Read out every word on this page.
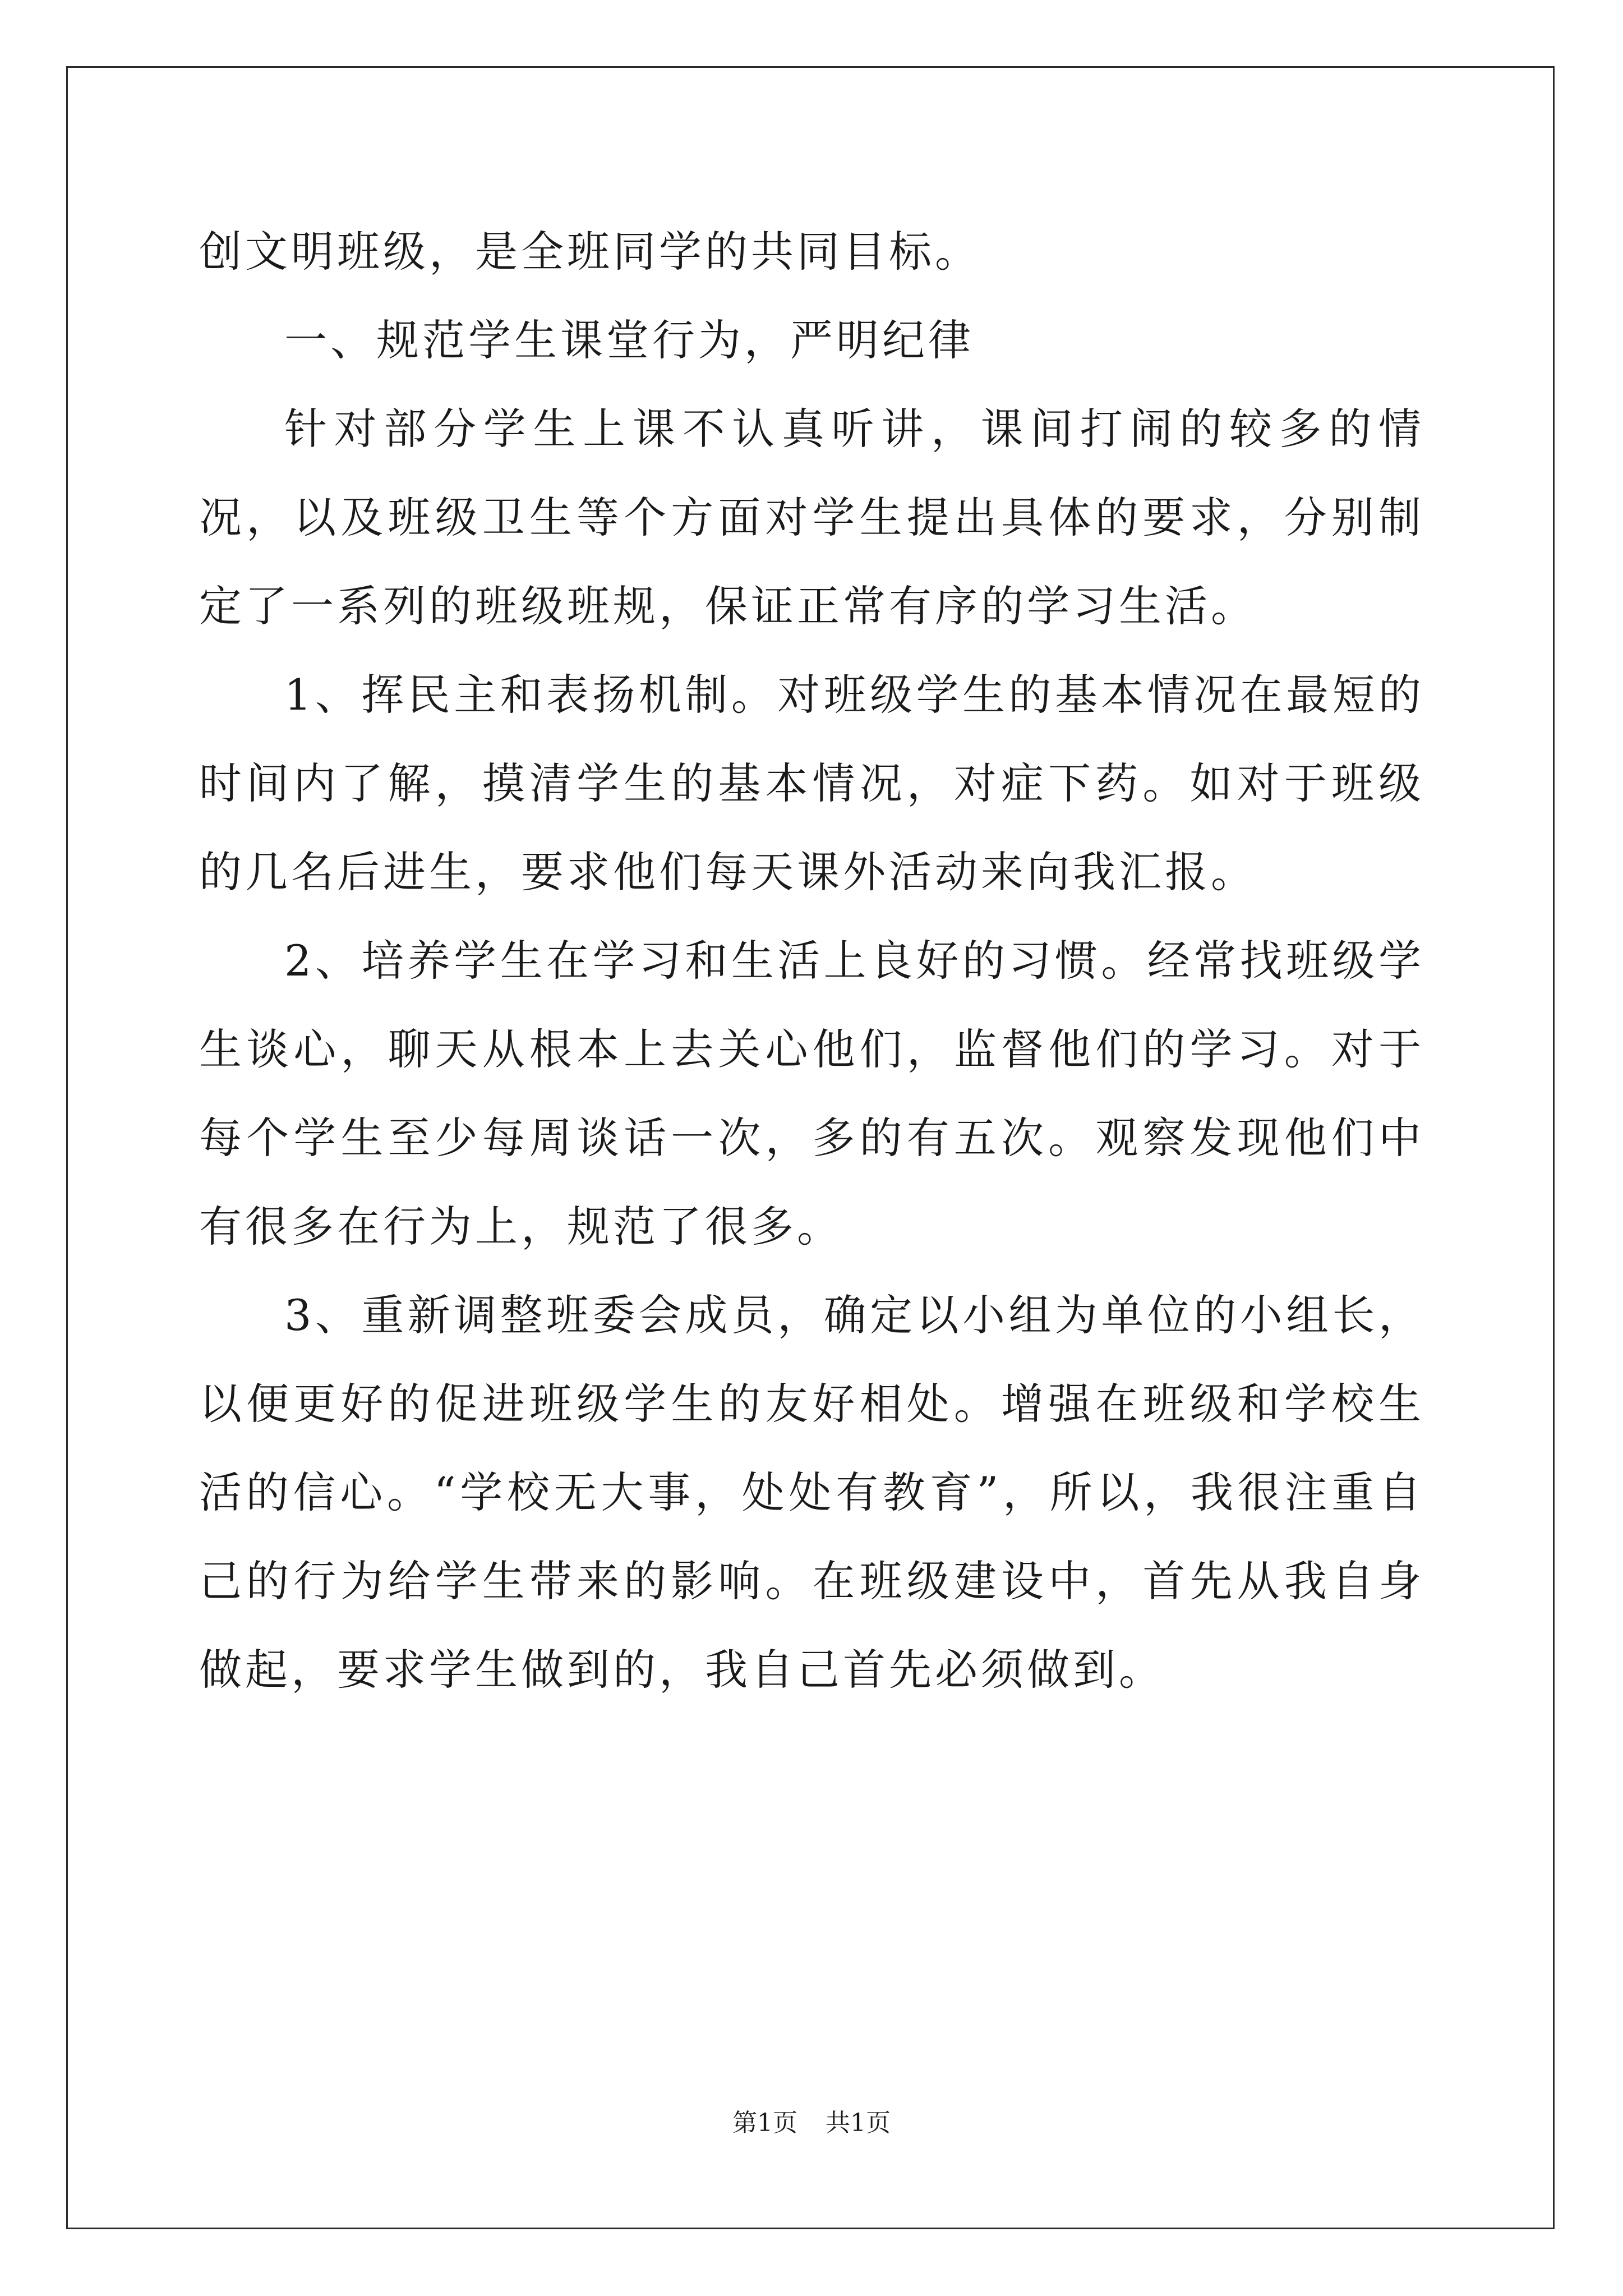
创文明班级，是全班同学的共同目标。

一、规范学生课堂行为，严明纪律

针对部分学生上课不认真听讲，课间打闹的较多的情况，以及班级卫生等个方面对学生提出具体的要求，分别制定了一系列的班级班规，保证正常有序的学习生活。

1、挥民主和表扬机制。对班级学生的基本情况在最短的时间内了解，摸清学生的基本情况，对症下药。如对于班级的几名后进生，要求他们每天课外活动来向我汇报。

2、培养学生在学习和生活上良好的习惯。经常找班级学生谈心，聊天从根本上去关心他们，监督他们的学习。对于每个学生至少每周谈话一次，多的有五次。观察发现他们中有很多在行为上，规范了很多。

3、重新调整班委会成员，确定以小组为单位的小组长，以便更好的促进班级学生的友好相处。增强在班级和学校生活的信心。“学校无大事，处处有教育”，所以，我很注重自己的行为给学生带来的影响。在班级建设中，首先从我自身做起，要求学生做到的，我自己首先必须做到。

第1页 共1页
